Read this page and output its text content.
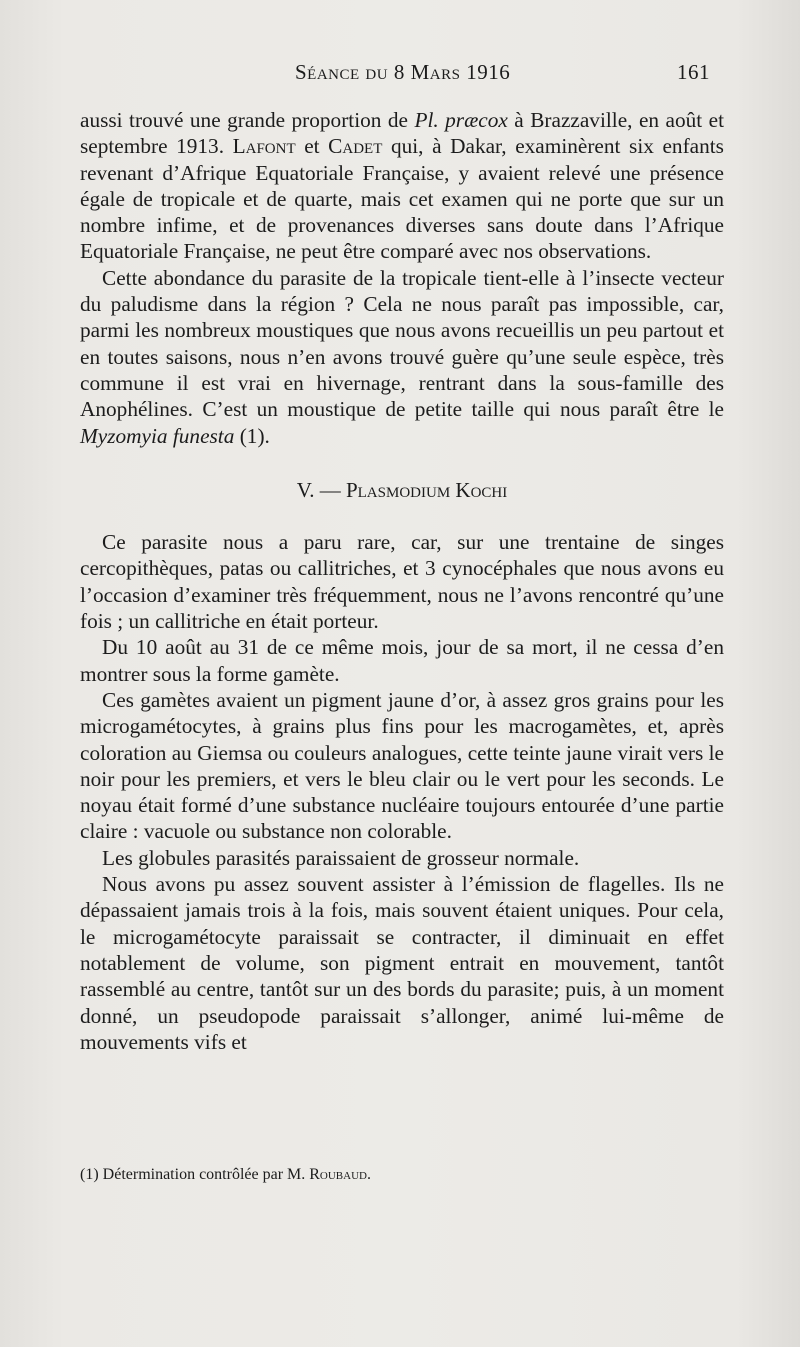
Séance du 8 Mars 1916	161

aussi trouvé une grande proportion de Pl. præcox à Brazzaville, en août et septembre 1913. Lafont et Cadet qui, à Dakar, examinèrent six enfants revenant d’Afrique Equatoriale Française, y avaient relevé une présence égale de tropicale et de quarte, mais cet examen qui ne porte que sur un nombre infime, et de provenances diverses sans doute dans l’Afrique Equatoriale Française, ne peut être comparé avec nos observations.

Cette abondance du parasite de la tropicale tient-elle à l’insecte vecteur du paludisme dans la région ? Cela ne nous paraît pas impossible, car, parmi les nombreux moustiques que nous avons recueillis un peu partout et en toutes saisons, nous n’en avons trouvé guère qu’une seule espèce, très commune il est vrai en hivernage, rentrant dans la sous-famille des Anophélines. C’est un moustique de petite taille qui nous paraît être le Myzomyia funesta (1).

V. — Plasmodium Kochi

Ce parasite nous a paru rare, car, sur une trentaine de singes cercopithèques, patas ou callitriches, et 3 cynocéphales que nous avons eu l’occasion d’examiner très fréquemment, nous ne l’avons rencontré qu’une fois ; un callitriche en était porteur.

Du 10 août au 31 de ce même mois, jour de sa mort, il ne cessa d’en montrer sous la forme gamète.

Ces gamètes avaient un pigment jaune d’or, à assez gros grains pour les microgamétocytes, à grains plus fins pour les macrogamètes, et, après coloration au Giemsa ou couleurs analogues, cette teinte jaune virait vers le noir pour les premiers, et vers le bleu clair ou le vert pour les seconds. Le noyau était formé d’une substance nucléaire toujours entourée d’une partie claire : vacuole ou substance non colorable.

Les globules parasités paraissaient de grosseur normale.

Nous avons pu assez souvent assister à l’émission de flagelles. Ils ne dépassaient jamais trois à la fois, mais souvent étaient uniques. Pour cela, le microgamétocyte paraissait se contracter, il diminuait en effet notablement de volume, son pigment entrait en mouvement, tantôt rassemblé au centre, tantôt sur un des bords du parasite; puis, à un moment donné, un pseudopode paraissait s’allonger, animé lui-même de mouvements vifs et

(1) Détermination contrôlée par M. Roubaud.
